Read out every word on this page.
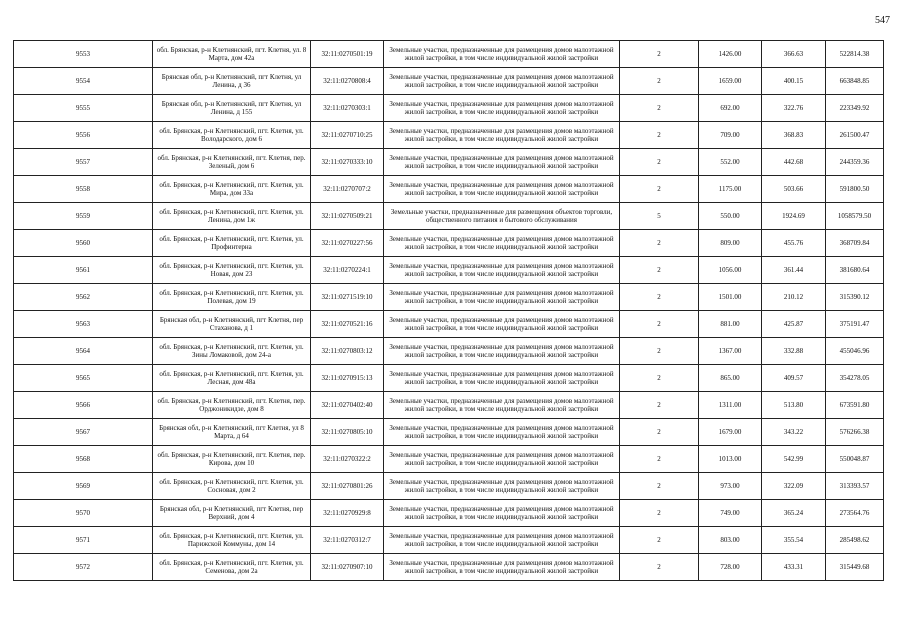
547
9553	обл. Брянская, р-н Клетнянский, пгт. Клетня, ул. 8 Марта, дом 42а	32:11:0270501:19	Земельные участки, предназначенные для размещения домов малоэтажной жилой застройки, в том числе индивидуальной жилой застройки	2	1426.00	366.63	522814.38
9554	Брянская обл, р-н Клетнянский, пгт Клетня, ул Ленина, д 36	32:11:0270808:4	Земельные участки, предназначенные для размещения домов малоэтажной жилой застройки, в том числе индивидуальной жилой застройки	2	1659.00	400.15	663848.85
9555	Брянская обл, р-н Клетнянский, пгт Клетня, ул Ленина, д 155	32:11:0270303:1	Земельные участки, предназначенные для размещения домов малоэтажной жилой застройки, в том числе индивидуальной жилой застройки	2	692.00	322.76	223349.92
9556	обл. Брянская, р-н Клетнянский, пгт. Клетня, ул. Володарского, дом 6	32:11:0270710:25	Земельные участки, предназначенные для размещения домов малоэтажной жилой застройки, в том числе индивидуальной жилой застройки	2	709.00	368.83	261500.47
9557	обл. Брянская, р-н Клетнянский, пгт. Клетня, пер. Зеленый, дом 6	32:11:0270333:10	Земельные участки, предназначенные для размещения домов малоэтажной жилой застройки, в том числе индивидуальной жилой застройки	2	552.00	442.68	244359.36
9558	обл. Брянская, р-н Клетнянский, пгт. Клетня, ул. Мира, дом 33а	32:11:0270707:2	Земельные участки, предназначенные для размещения домов малоэтажной жилой застройки, в том числе индивидуальной жилой застройки	2	1175.00	503.66	591800.50
9559	обл. Брянская, р-н Клетнянский, пгт. Клетня, ул. Ленина, дом 1ж	32:11:0270509:21	Земельные участки, предназначенные для размещения объектов торговли, общественного питания и бытового обслуживания	5	550.00	1924.69	1058579.50
9560	обл. Брянская, р-н Клетнянский, пгт. Клетня, ул. Профинтерна	32:11:0270227:56	Земельные участки, предназначенные для размещения домов малоэтажной жилой застройки, в том числе индивидуальной жилой застройки	2	809.00	455.76	368709.84
9561	обл. Брянская, р-н Клетнянский, пгт. Клетня, ул. Новая, дом 23	32:11:0270224:1	Земельные участки, предназначенные для размещения домов малоэтажной жилой застройки, в том числе индивидуальной жилой застройки	2	1056.00	361.44	381680.64
9562	обл. Брянская, р-н Клетнянский, пгт. Клетня, ул. Полевая, дом 19	32:11:0271519:10	Земельные участки, предназначенные для размещения домов малоэтажной жилой застройки, в том числе индивидуальной жилой застройки	2	1501.00	210.12	315390.12
9563	Брянская обл, р-н Клетнянский, пгт Клетня, пер Стаханова, д 1	32:11:0270521:16	Земельные участки, предназначенные для размещения домов малоэтажной жилой застройки, в том числе индивидуальной жилой застройки	2	881.00	425.87	375191.47
9564	обл. Брянская, р-н Клетнянский, пгт. Клетня, ул. Зины Ломаковой, дом 24-а	32:11:0270803:12	Земельные участки, предназначенные для размещения домов малоэтажной жилой застройки, в том числе индивидуальной жилой застройки	2	1367.00	332.88	455046.96
9565	обл. Брянская, р-н Клетнянский, пгт. Клетня, ул. Лесная, дом 48а	32:11:0270915:13	Земельные участки, предназначенные для размещения домов малоэтажной жилой застройки, в том числе индивидуальной жилой застройки	2	865.00	409.57	354278.05
9566	обл. Брянская, р-н Клетнянский, пгт. Клетня, пер. Орджоникидзе, дом 8	32:11:0270402:40	Земельные участки, предназначенные для размещения домов малоэтажной жилой застройки, в том числе индивидуальной жилой застройки	2	1311.00	513.80	673591.80
9567	Брянская обл, р-н Клетнянский, пгт Клетня, ул 8 Марта, д 64	32:11:0270805:10	Земельные участки, предназначенные для размещения домов малоэтажной жилой застройки, в том числе индивидуальной жилой застройки	2	1679.00	343.22	576266.38
9568	обл. Брянская, р-н Клетнянский, пгт. Клетня, пер. Кирова, дом 10	32:11:0270322:2	Земельные участки, предназначенные для размещения домов малоэтажной жилой застройки, в том числе индивидуальной жилой застройки	2	1013.00	542.99	550048.87
9569	обл. Брянская, р-н Клетнянский, пгт. Клетня, ул. Сосновая, дом 2	32:11:0270801:26	Земельные участки, предназначенные для размещения домов малоэтажной жилой застройки, в том числе индивидуальной жилой застройки	2	973.00	322.09	313393.57
9570	Брянская обл, р-н Клетнянский, пгт Клетня, пер Верхний, дом 4	32:11:0270929:8	Земельные участки, предназначенные для размещения домов малоэтажной жилой застройки, в том числе индивидуальной жилой застройки	2	749.00	365.24	273564.76
9571	обл. Брянская, р-н Клетнянский, пгт. Клетня, ул. Парижской Коммуны, дом 14	32:11:0270312:7	Земельные участки, предназначенные для размещения домов малоэтажной жилой застройки, в том числе индивидуальной жилой застройки	2	803.00	355.54	285498.62
9572	обл. Брянская, р-н Клетнянский, пгт. Клетня, ул. Семенова, дом 2а	32:11:0270907:10	Земельные участки, предназначенные для размещения домов малоэтажной жилой застройки, в том числе индивидуальной жилой застройки	2	728.00	433.31	315449.68
